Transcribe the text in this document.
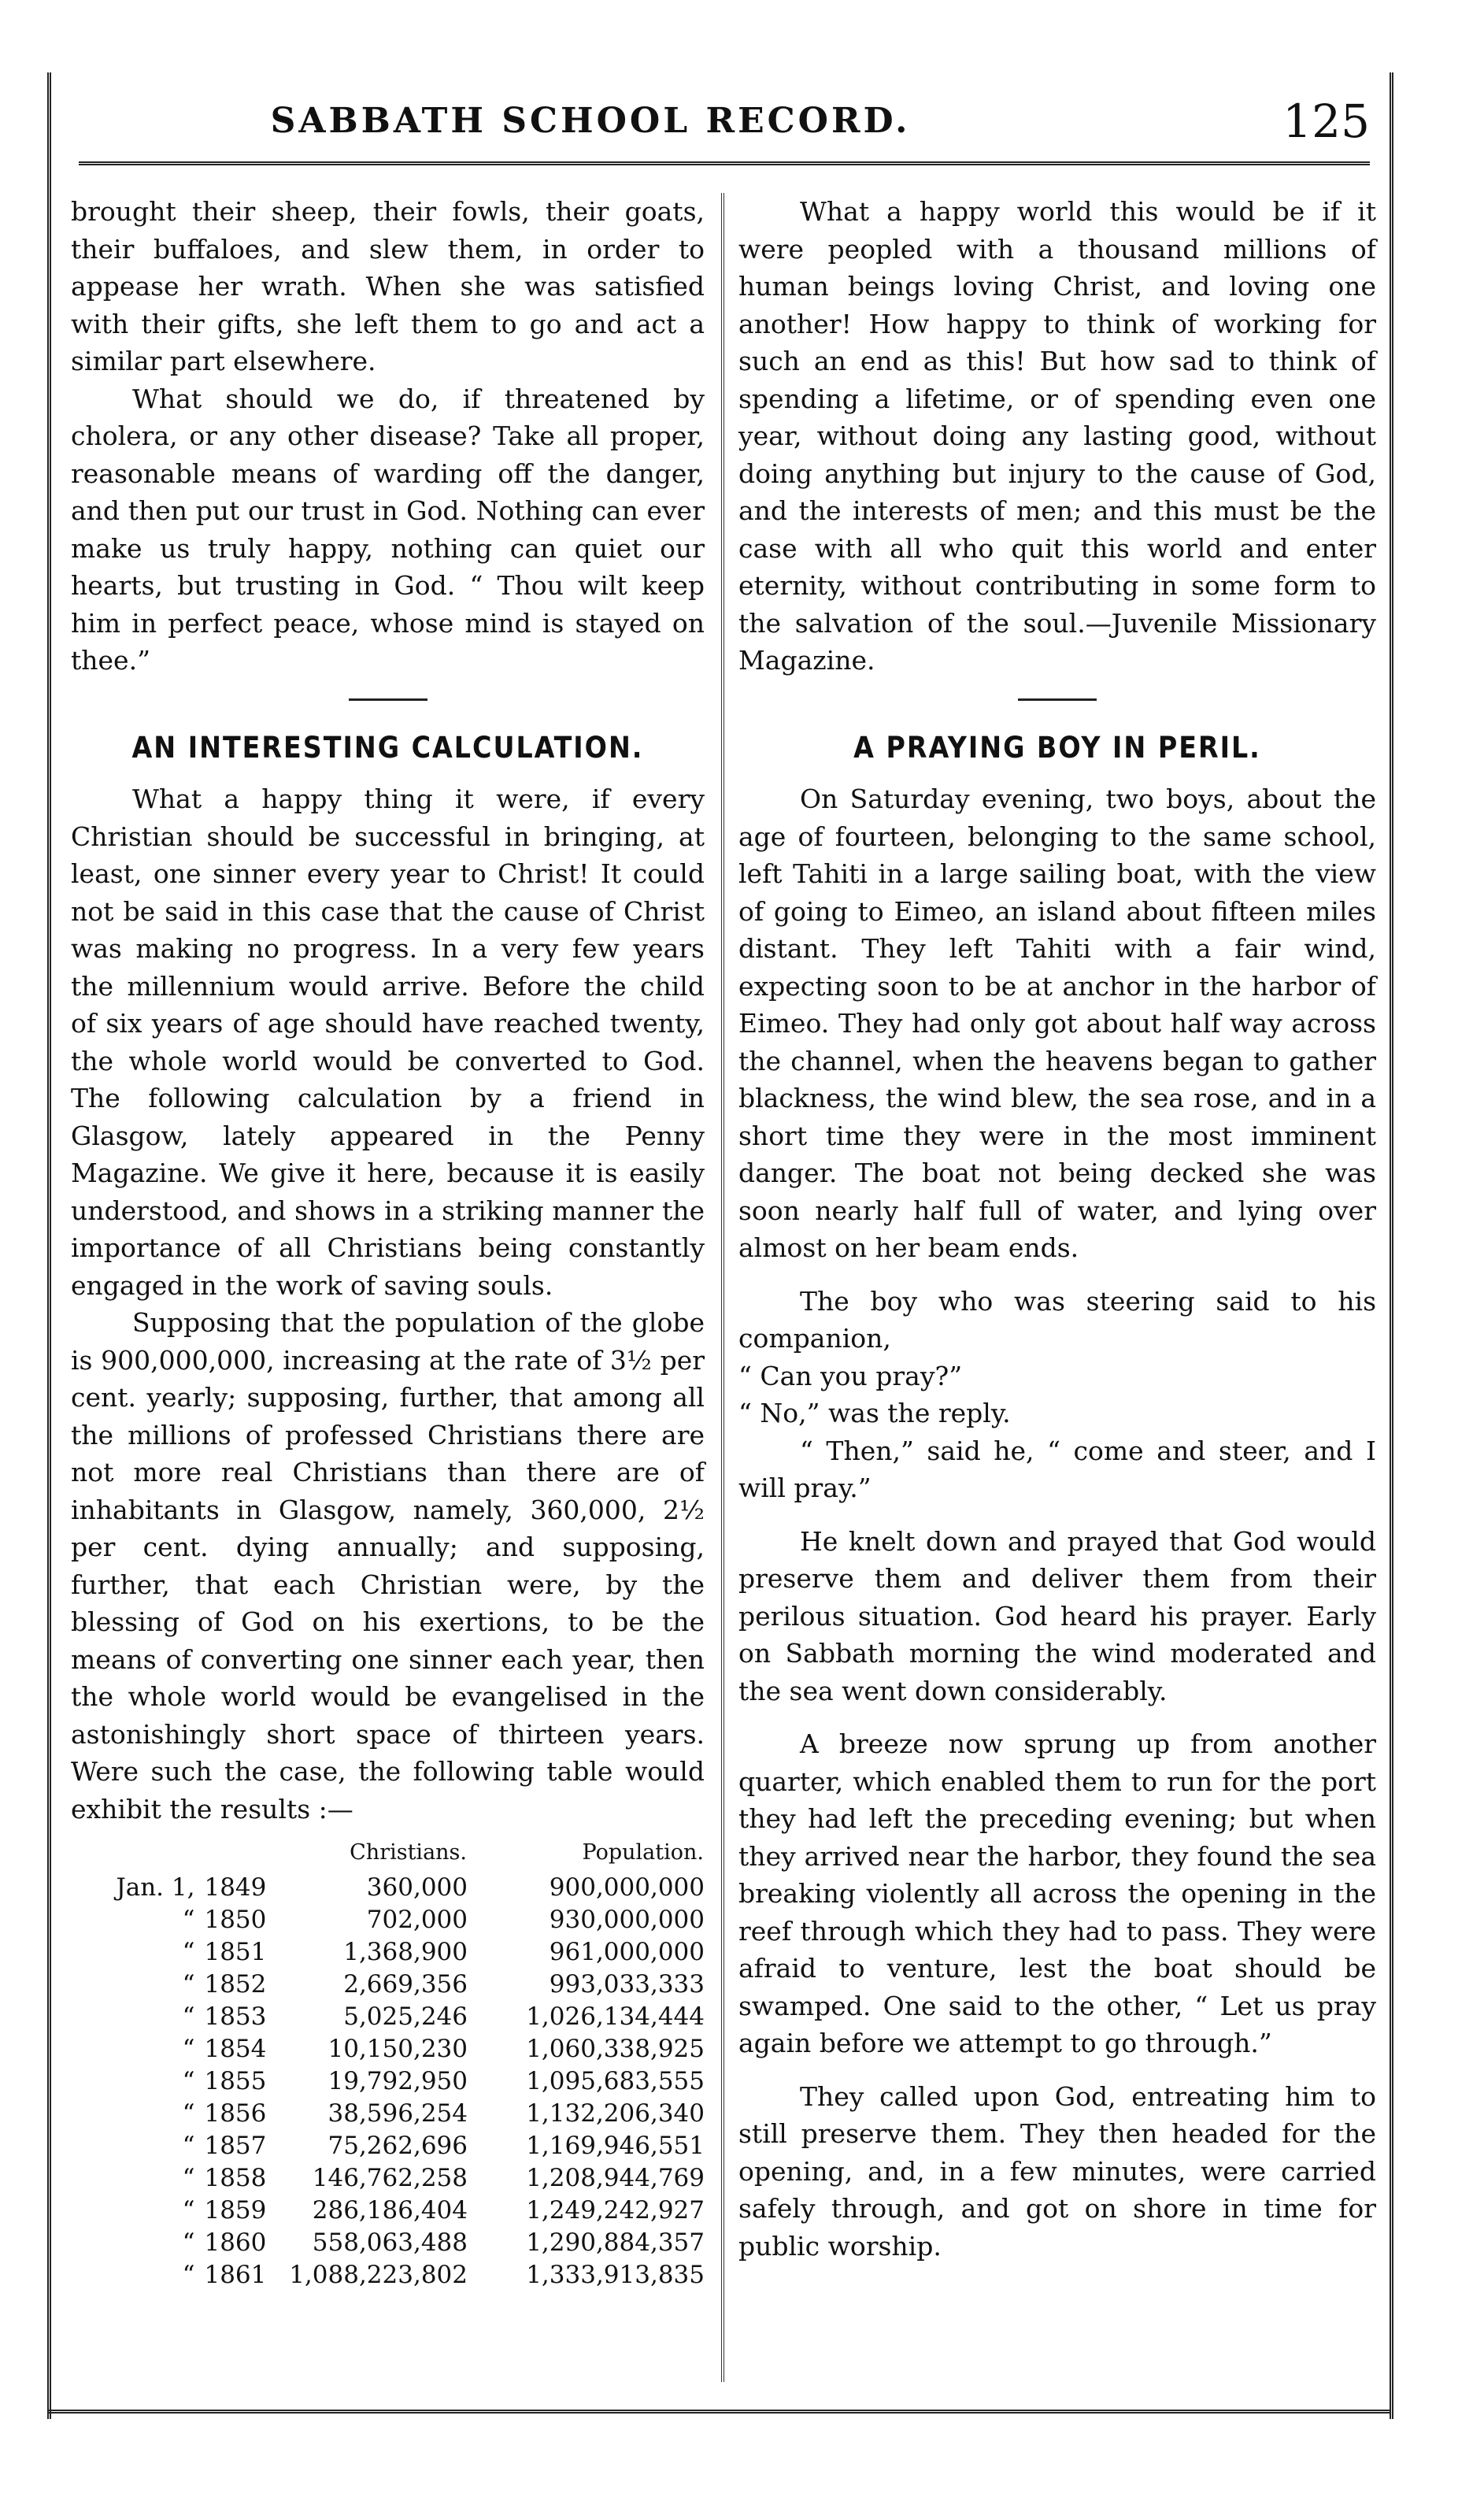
SABBATH SCHOOL RECORD.	125

brought their sheep, their fowls, their goats, their buffaloes, and slew them, in order to appease her wrath. When she was satisfied with their gifts, she left them to go and act a similar part elsewhere.

What should we do, if threatened by cholera, or any other disease? Take all proper, reasonable means of warding off the danger, and then put our trust in God. Nothing can ever make us truly happy, nothing can quiet our hearts, but trusting in God. “ Thou wilt keep him in perfect peace, whose mind is stayed on thee.”

AN INTERESTING CALCULATION.

What a happy thing it were, if every Christian should be successful in bringing, at least, one sinner every year to Christ! It could not be said in this case that the cause of Christ was making no progress. In a very few years the millennium would arrive. Before the child of six years of age should have reached twenty, the whole world would be converted to God. The following calculation by a friend in Glasgow, lately appeared in the Penny Magazine. We give it here, because it is easily understood, and shows in a striking manner the importance of all Christians being constantly engaged in the work of saving souls.

Supposing that the population of the globe is 900,000,000, increasing at the rate of 3½ per cent. yearly; supposing, further, that among all the millions of professed Christians there are not more real Christians than there are of inhabitants in Glasgow, namely, 360,000, 2½ per cent. dying annually; and supposing, further, that each Christian were, by the blessing of God on his exertions, to be the means of converting one sinner each year, then the whole world would be evangelised in the astonishingly short space of thirteen years. Were such the case, the following table would exhibit the results :—

		Christians.	Population.
Jan. 1,	1849	360,000	900,000,000
“	1850	702,000	930,000,000
“	1851	1,368,900	961,000,000
“	1852	2,669,356	993,033,333
“	1853	5,025,246	1,026,134,444
“	1854	10,150,230	1,060,338,925
“	1855	19,792,950	1,095,683,555
“	1856	38,596,254	1,132,206,340
“	1857	75,262,696	1,169,946,551
“	1858	146,762,258	1,208,944,769
“	1859	286,186,404	1,249,242,927
“	1860	558,063,488	1,290,884,357
“	1861	1,088,223,802	1,333,913,835

What a happy world this would be if it were peopled with a thousand millions of human beings loving Christ, and loving one another! How happy to think of working for such an end as this! But how sad to think of spending a lifetime, or of spending even one year, without doing any lasting good, without doing anything but injury to the cause of God, and the interests of men; and this must be the case with all who quit this world and enter eternity, without contributing in some form to the salvation of the soul.—Juvenile Missionary Magazine.

A PRAYING BOY IN PERIL.

On Saturday evening, two boys, about the age of fourteen, belonging to the same school, left Tahiti in a large sailing boat, with the view of going to Eimeo, an island about fifteen miles distant. They left Tahiti with a fair wind, expecting soon to be at anchor in the harbor of Eimeo. They had only got about half way across the channel, when the heavens began to gather blackness, the wind blew, the sea rose, and in a short time they were in the most imminent danger. The boat not being decked she was soon nearly half full of water, and lying over almost on her beam ends.

The boy who was steering said to his companion,

“ Can you pray?”

“ No,” was the reply.

“ Then,” said he, “ come and steer, and I will pray.”

He knelt down and prayed that God would preserve them and deliver them from their perilous situation. God heard his prayer. Early on Sabbath morning the wind moderated and the sea went down considerably.

A breeze now sprung up from another quarter, which enabled them to run for the port they had left the preceding evening; but when they arrived near the harbor, they found the sea breaking violently all across the opening in the reef through which they had to pass. They were afraid to venture, lest the boat should be swamped. One said to the other, “ Let us pray again before we attempt to go through.”

They called upon God, entreating him to still preserve them. They then headed for the opening, and, in a few minutes, were carried safely through, and got on shore in time for public worship.
